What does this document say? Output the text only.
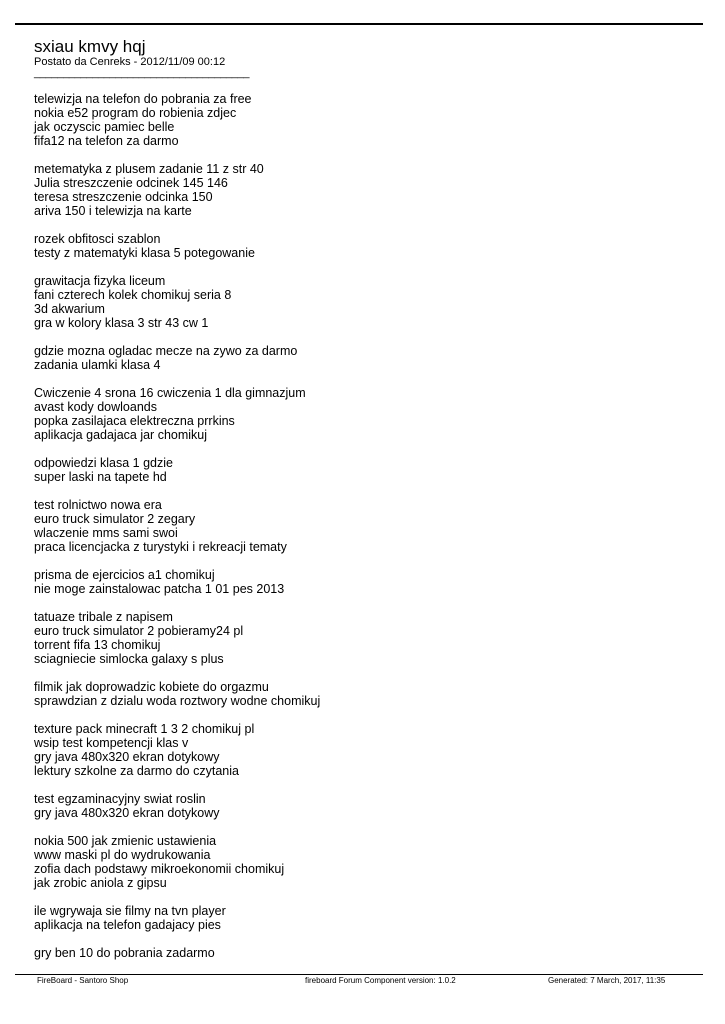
sxiau kmvy hqj
Postato da Cenreks - 2012/11/09 00:12
_____________________________________
telewizja na telefon do pobrania za free
nokia e52 program do robienia zdjec
jak oczyscic pamiec belle
fifa12 na telefon za darmo
metematyka z plusem zadanie 11 z str 40
Julia streszczenie odcinek 145 146
teresa streszczenie odcinka 150
ariva 150 i telewizja na karte
rozek obfitosci szablon
testy z matematyki klasa 5 potegowanie
grawitacja fizyka liceum
fani czterech kolek chomikuj seria 8
3d akwarium
gra w kolory klasa 3 str 43 cw 1
gdzie mozna ogladac mecze na zywo za darmo
zadania ulamki klasa 4
Cwiczenie 4 srona 16 cwiczenia 1 dla gimnazjum
avast kody dowloands
popka zasilajaca elektreczna prrkins
aplikacja gadajaca jar chomikuj
odpowiedzi klasa 1 gdzie
super laski na tapete hd
test rolnictwo nowa era
euro truck simulator 2 zegary
wlaczenie mms sami swoi
praca licencjacka z turystyki i rekreacji tematy
prisma de ejercicios a1 chomikuj
nie moge zainstalowac patcha 1 01 pes 2013
tatuaze tribale z napisem
euro truck simulator 2 pobieramy24 pl
torrent fifa 13 chomikuj
sciagniecie simlocka galaxy s plus
filmik jak doprowadzic kobiete do orgazmu
sprawdzian z dzialu woda roztwory wodne chomikuj
texture pack minecraft 1 3 2 chomikuj pl
wsip test kompetencji klas v
gry java 480x320 ekran dotykowy
lektury szkolne za darmo do czytania
test egzaminacyjny swiat roslin
gry java 480x320 ekran dotykowy
nokia 500 jak zmienic ustawienia
www maski pl do wydrukowania
zofia dach podstawy mikroekonomii chomikuj
jak zrobic aniola z gipsu
ile wgrywaja sie filmy na tvn player
aplikacja na telefon gadajacy pies
gry ben 10 do pobrania zadarmo
FireBoard - Santoro Shop	fireboard Forum Component version: 1.0.2	Generated: 7 March, 2017, 11:35
